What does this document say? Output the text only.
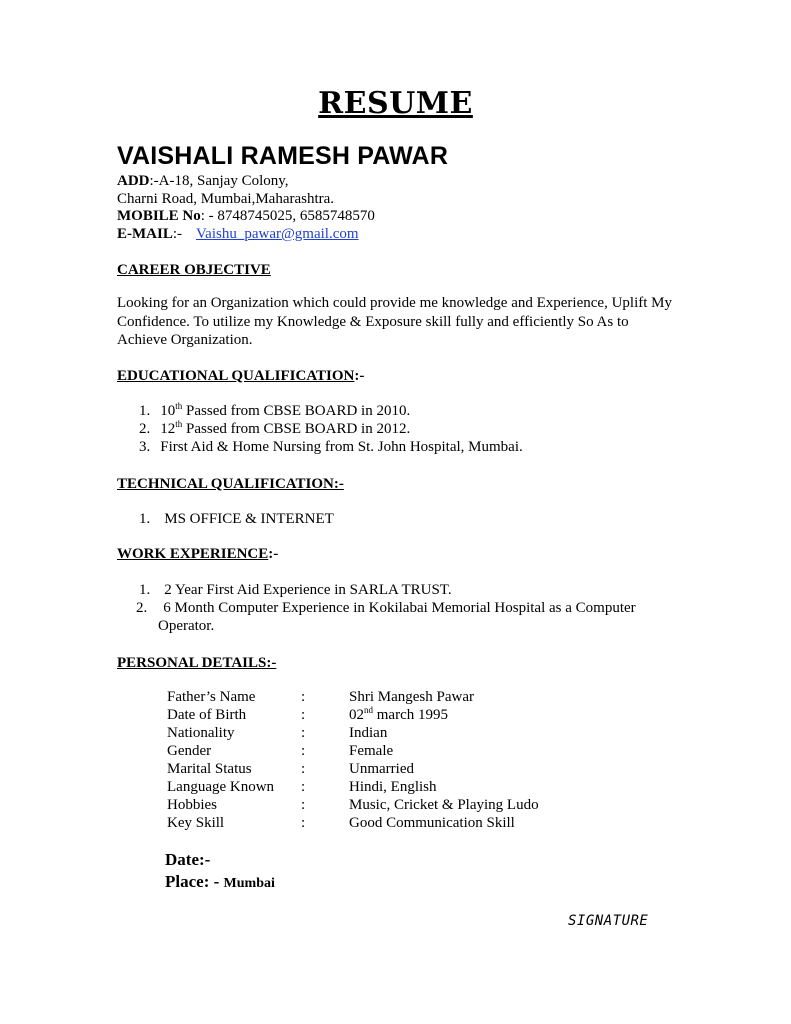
RESUME
VAISHALI RAMESH PAWAR
ADD:-A-18, Sanjay Colony,
Charni Road, Mumbai,Maharashtra.
MOBILE No: - 8748745025, 6585748570
E-MAIL:- Vaishu_pawar@gmail.com
CAREER OBJECTIVE
Looking for an Organization which could provide me knowledge and Experience, Uplift My Confidence. To utilize my Knowledge & Exposure skill fully and efficiently So As to Achieve Organization.
EDUCATIONAL QUALIFICATION:-
1. 10th Passed from CBSE BOARD in 2010.
2. 12th Passed from CBSE BOARD in 2012.
3. First Aid & Home Nursing from St. John Hospital, Mumbai.
TECHNICAL QUALIFICATION:-
1. MS OFFICE & INTERNET
WORK EXPERIENCE:-
1. 2 Year First Aid Experience in SARLA TRUST.
2. 6 Month Computer Experience in Kokilabai Memorial Hospital as a Computer
Operator.
PERSONAL DETAILS:-
Father’s Name	:	Shri Mangesh Pawar
Date of Birth	:	02nd march 1995
Nationality	:	Indian
Gender	:	Female
Marital Status	:	Unmarried
Language Known :	Hindi, English
Hobbies	:	Music, Cricket & Playing Ludo
Key Skill	:	Good Communication Skill
Date:-
Place: - Mumbai
SIGNATURE
